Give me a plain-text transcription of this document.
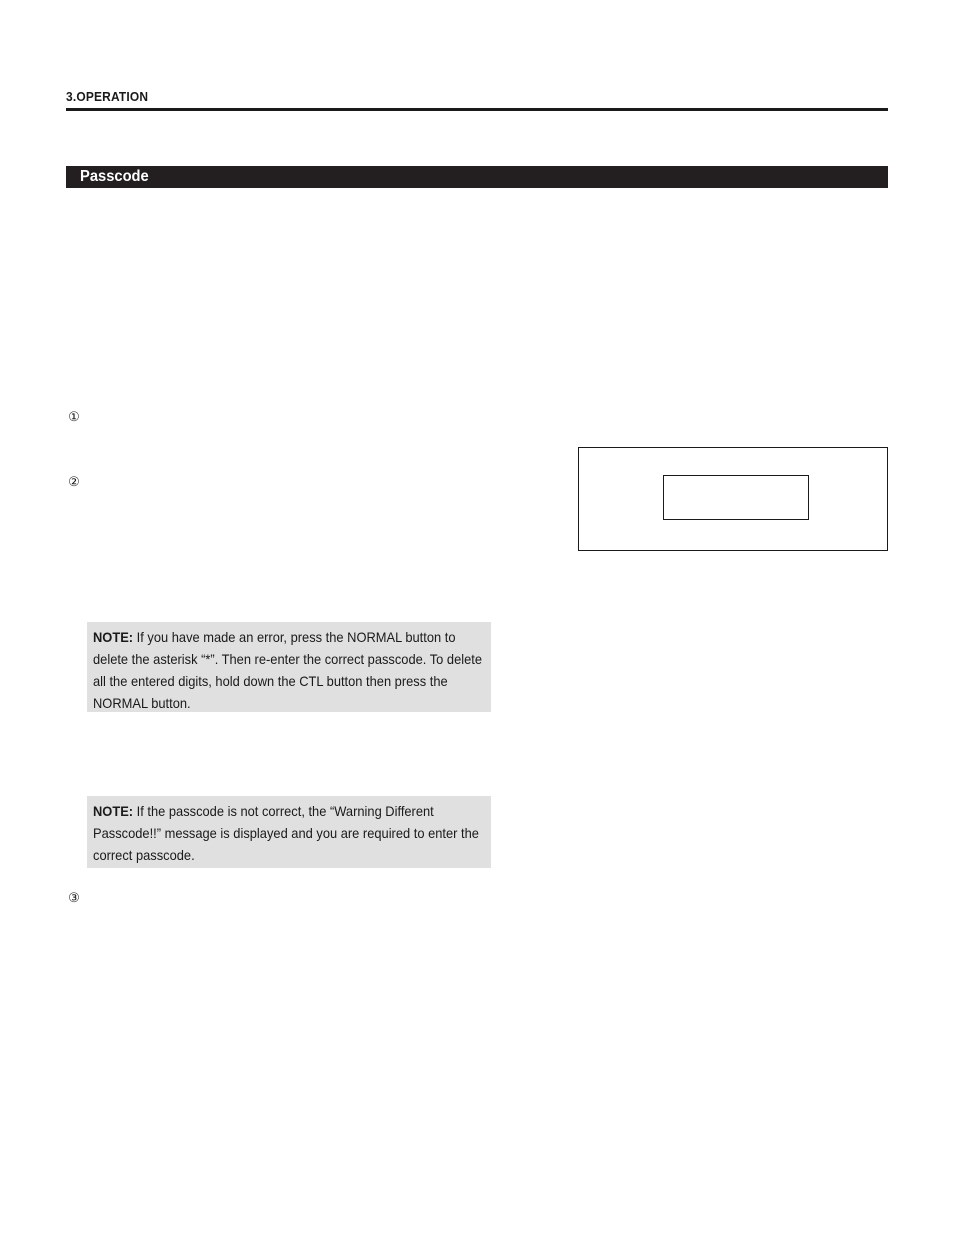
3.OPERATION
Passcode
①
②
③
NOTE: If you have made an error, press the NORMAL button to delete the asterisk “*”. Then re-enter the correct passcode. To delete all the entered digits, hold down the CTL button then press the NORMAL button.
NOTE: If the passcode is not correct, the “Warning Different Passcode!!” message is displayed and you are required to enter the correct passcode.
